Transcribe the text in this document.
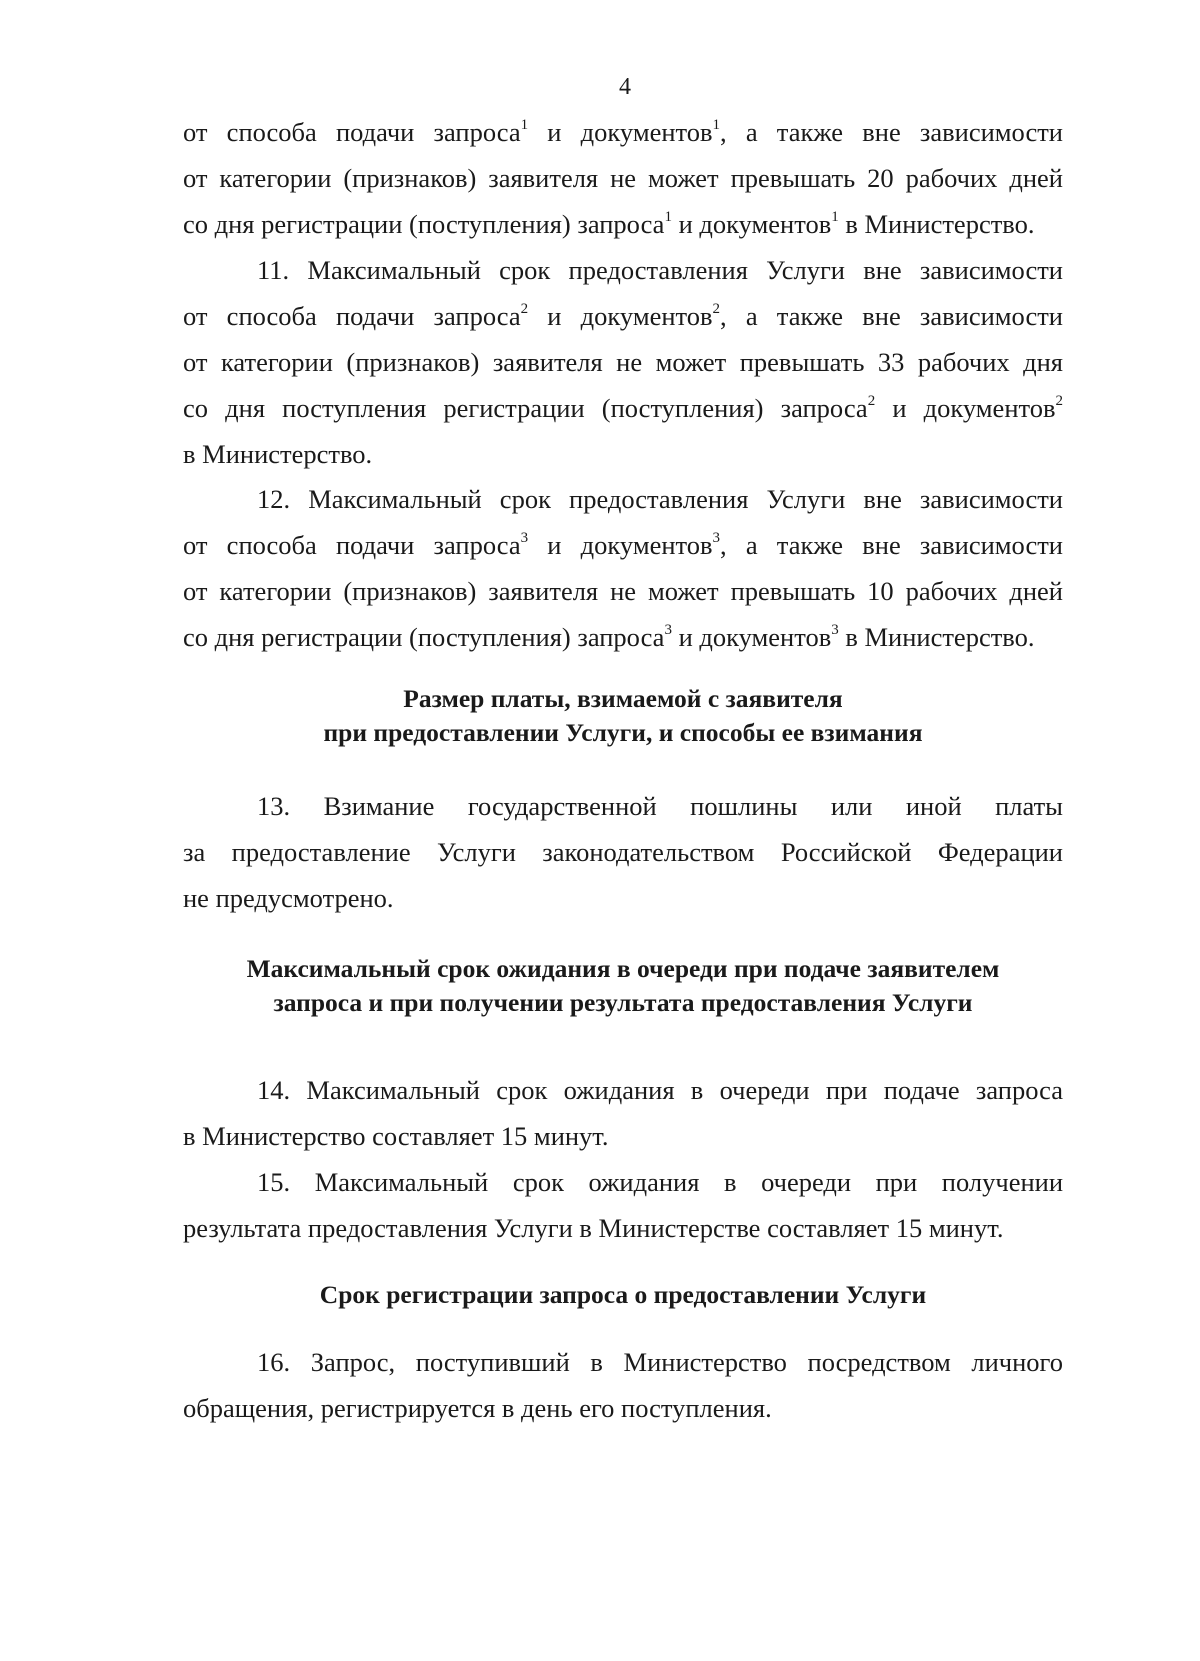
4
от способа подачи запроса$^1$ и документов$^1$, а также вне зависимости
от категории (признаков) заявителя не может превышать 20 рабочих дней
со дня регистрации (поступления) запроса$^1$ и документов$^1$ в Министерство.
11. Максимальный срок предоставления Услуги вне зависимости
от способа подачи запроса$^2$ и документов$^2$, а также вне зависимости
от категории (признаков) заявителя не может превышать 33 рабочих дня
со дня поступления регистрации (поступления) запроса$^2$ и документов$^2$
в Министерство.
12. Максимальный срок предоставления Услуги вне зависимости
от способа подачи запроса$^3$ и документов$^3$, а также вне зависимости
от категории (признаков) заявителя не может превышать 10 рабочих дней
со дня регистрации (поступления) запроса$^3$ и документов$^3$ в Министерство.
Размер платы, взимаемой с заявителя
при предоставлении Услуги, и способы ее взимания
13. Взимание государственной пошлины или иной платы
за предоставление Услуги законодательством Российской Федерации
не предусмотрено.
Максимальный срок ожидания в очереди при подаче заявителем
запроса и при получении результата предоставления Услуги
14. Максимальный срок ожидания в очереди при подаче запроса
в Министерство составляет 15 минут.
15. Максимальный срок ожидания в очереди при получении
результата предоставления Услуги в Министерстве составляет 15 минут.
Срок регистрации запроса о предоставлении Услуги
16. Запрос, поступивший в Министерство посредством личного
обращения, регистрируется в день его поступления.
